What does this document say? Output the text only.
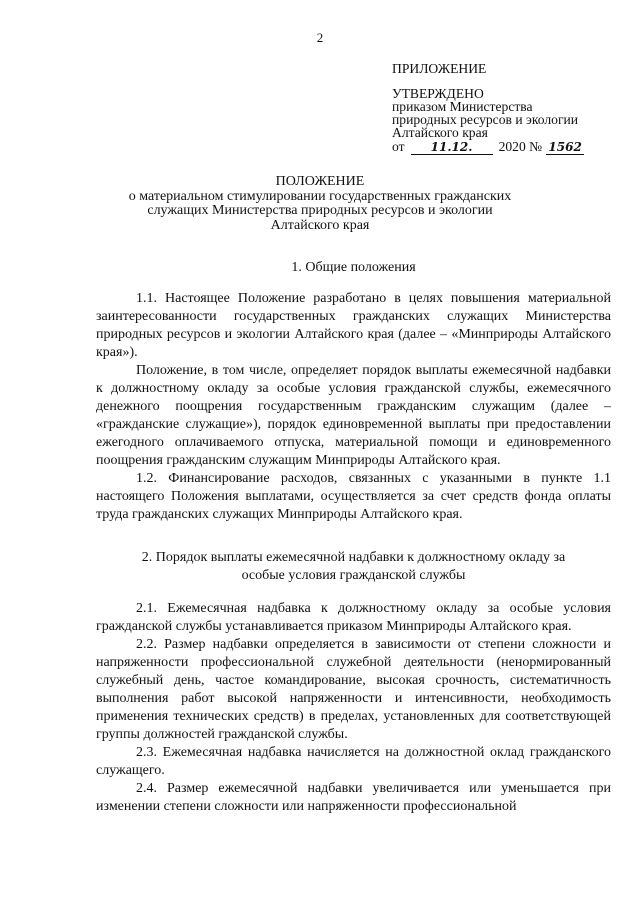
2
ПРИЛОЖЕНИЕ
УТВЕРЖДЕНО
приказом Министерства
природных ресурсов и экологии
Алтайского края
от	11.12.	2020 № 1562
ПОЛОЖЕНИЕ
о материальном стимулировании государственных гражданских служащих Министерства природных ресурсов и экологии Алтайского края

1. Общие положения

1.1. Настоящее Положение разработано в целях повышения материальной заинтересованности государственных гражданских служащих Министерства природных ресурсов и экологии Алтайского края (далее – «Минприроды Алтайского края»).

Положение, в том числе, определяет порядок выплаты ежемесячной надбавки к должностному окладу за особые условия гражданской службы, ежемесячного денежного поощрения государственным гражданским служащим (далее – «гражданские служащие»), порядок единовременной выплаты при предоставлении ежегодного оплачиваемого отпуска, материальной помощи и единовременного поощрения гражданским служащим Минприроды Алтайского края.

1.2. Финансирование расходов, связанных с указанными в пункте 1.1 настоящего Положения выплатами, осуществляется за счет средств фонда оплаты труда гражданских служащих Минприроды Алтайского края.

2. Порядок выплаты ежемесячной надбавки к должностному окладу за

особые условия гражданской службы

2.1. Ежемесячная надбавка к должностному окладу за особые условия гражданской службы устанавливается приказом Минприроды Алтайского края.

2.2. Размер надбавки определяется в зависимости от степени сложности и напряженности профессиональной служебной деятельности (ненормированный служебный день, частое командирование, высокая срочность, систематичность выполнения работ высокой напряженности и интенсивности, необходимость применения технических средств) в пределах, установленных для соответствующей группы должностей гражданской службы.

2.3. Ежемесячная надбавка начисляется на должностной оклад гражданского служащего.

2.4. Размер ежемесячной надбавки увеличивается или уменьшается при изменении степени сложности или напряженности профессиональной
